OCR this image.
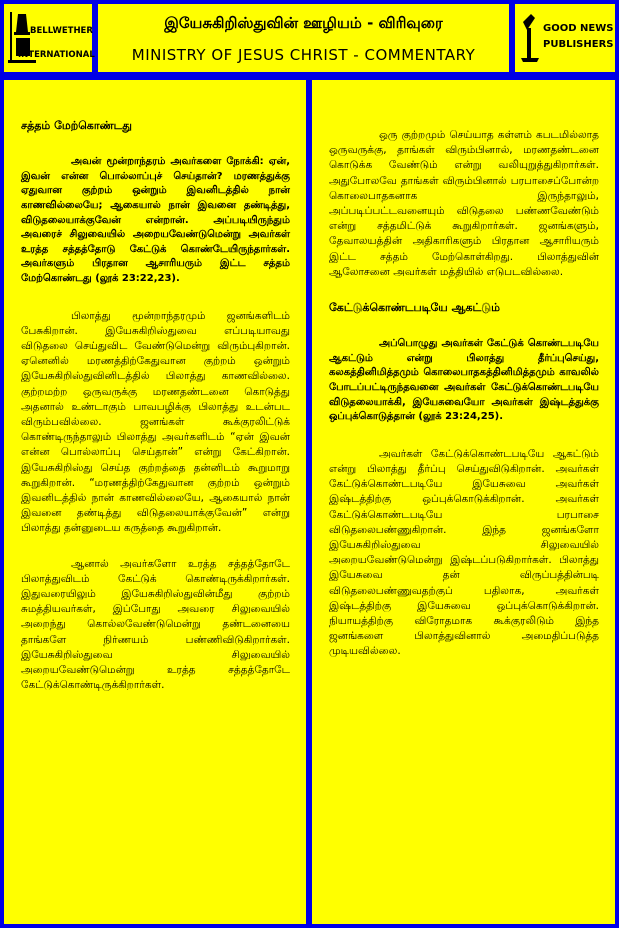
BELLWETHER
INTERNATIONAL
இயேசுகிறிஸ்துவின் ஊழியம் - விரிவுரை
MINISTRY OF JESUS CHRIST - COMMENTARY
GOOD NEWS
PUBLISHERS

சத்தம் மேற்கொண்டது

அவன் மூன்றாந்தரம் அவர்களை நோக்கி: ஏன், இவன் என்ன பொல்லாப்புச் செய்தான்? மரணத்துக்கு ஏதுவான குற்றம் ஒன்றும் இவனிடத்தில் நான் காணவில்லையே; ஆகையால் நான் இவனை தண்டித்து, விடுதலையாக்குவேன் என்றான். அப்படியிருந்தும் அவரைச் சிலுவையில் அறையவேண்டுமென்று அவர்கள் உரத்த சத்தத்தோடு கேட்டுக் கொண்டேயிருந்தார்கள். அவர்களும் பிரதான ஆசாரியரும் இட்ட சத்தம் மேற்கொண்டது (லூக் 23:22,23).

பிலாத்து மூன்றாந்தரமும் ஜனங்களிடம் பேசுகிறான். இயேசுகிறிஸ்துவை எப்படியாவது விடுதலை செய்துவிட வேண்டுமென்று விரும்புகிறான். ஏனெனில் மரணத்திற்கேதுவான குற்றம் ஒன்றும் இயேசுகிறிஸ்துவினிடத்தில் பிலாத்து காணவில்லை. குற்றமற்ற ஒருவருக்கு மரணதண்டனை கொடுத்து அதனால் உண்டாகும் பாவபழிக்கு பிலாத்து உடன்பட விரும்பவில்லை. ஜனங்கள் கூக்குரலிட்டுக் கொண்டிருந்தாலும் பிலாத்து அவர்களிடம் “ஏன் இவன் என்ன பொல்லாப்பு செய்தான்” என்று கேட்கிறான். இயேசுகிறிஸ்து செய்த குற்றத்தை தன்னிடம் கூறுமாறு கூறுகிறான். “மரணத்திற்கேதுவான குற்றம் ஒன்றும் இவனிடத்தில் நான் காணவில்லையே, ஆகையால் நான் இவனை தண்டித்து விடுதலையாக்குவேன்” என்று பிலாத்து தன்னுடைய கருத்தை கூறுகிறான்.

ஆனால் அவர்களோ உரத்த சத்தத்தோடே பிலாத்துவிடம் கேட்டுக் கொண்டிருக்கிறார்கள். இதுவரையிலும் இயேசுகிறிஸ்துவின்மீது குற்றம் சுமத்தியவர்கள், இப்போது அவரை சிலுவையில் அறைந்து கொல்லவேண்டுமென்று தண்டனையை தாங்களே நிர்ணயம் பண்ணிவிடுகிறார்கள். இயேசுகிறிஸ்துவை சிலுவையில் அறையவேண்டுமென்று உரத்த சத்தத்தோடே கேட்டுக்கொண்டிருக்கிறார்கள்.

ஒரு குற்றமும் செய்யாத கள்ளம் கபடமில்லாத ஒருவருக்கு, தாங்கள் விரும்பினால், மரணதண்டனை கொடுக்க வேண்டும் என்று வலியுறுத்துகிறார்கள். அதுபோலவே தாங்கள் விரும்பினால் பரபாசைப்போன்ற கொலைபாதகனாக இருந்தாலும், அப்படிப்பட்டவனையும் விடுதலை பண்ணவேண்டும் என்று சத்தமிட்டுக் கூறுகிறார்கள். ஜனங்களும், தேவாலயத்தின் அதிகாரிகளும் பிரதான ஆசாரியரும் இட்ட சத்தம் மேற்கொள்கிறது. பிலாத்துவின் ஆலோசனை அவர்கள் மத்தியில் எடுபடவில்லை.

கேட்டுக்கொண்டபடியே ஆகட்டும்

அப்பொழுது அவர்கள் கேட்டுக் கொண்டபடியே ஆகட்டும் என்று பிலாத்து தீர்ப்புசெய்து, கலகத்தினிமித்தமும் கொலைபாதகத்தினிமித்தமும் காவலில் போடப்பட்டிருந்தவனை அவர்கள் கேட்டுக்கொண்டபடியே விடுதலையாக்கி, இயேசுவையோ அவர்கள் இஷ்டத்துக்கு ஒப்புக்கொடுத்தான் (லூக் 23:24,25).

அவர்கள் கேட்டுக்கொண்டபடியே ஆகட்டும் என்று பிலாத்து தீர்ப்பு செய்துவிடுகிறான். அவர்கள் கேட்டுக்கொண்டபடியே இயேசுவை அவர்கள் இஷ்டத்திற்கு ஒப்புக்கொடுக்கிறான். அவர்கள் கேட்டுக்கொண்டபடியே பரபாசை விடுதலைபண்ணுகிறான். இந்த ஜனங்களோ இயேசுகிறிஸ்துவை சிலுவையில் அறையவேண்டுமென்று இஷ்டப்படுகிறார்கள். பிலாத்து இயேசுவை தன் விருப்பத்தின்படி விடுதலைபண்ணுவதற்குப் பதிலாக, அவர்கள் இஷ்டத்திற்கு இயேசுவை ஒப்புக்கொடுக்கிறான். நியாயத்திற்கு விரோதமாக கூக்குரலிடும் இந்த ஜனங்களை பிலாத்துவினால் அமைதிப்படுத்த முடியவில்லை.
